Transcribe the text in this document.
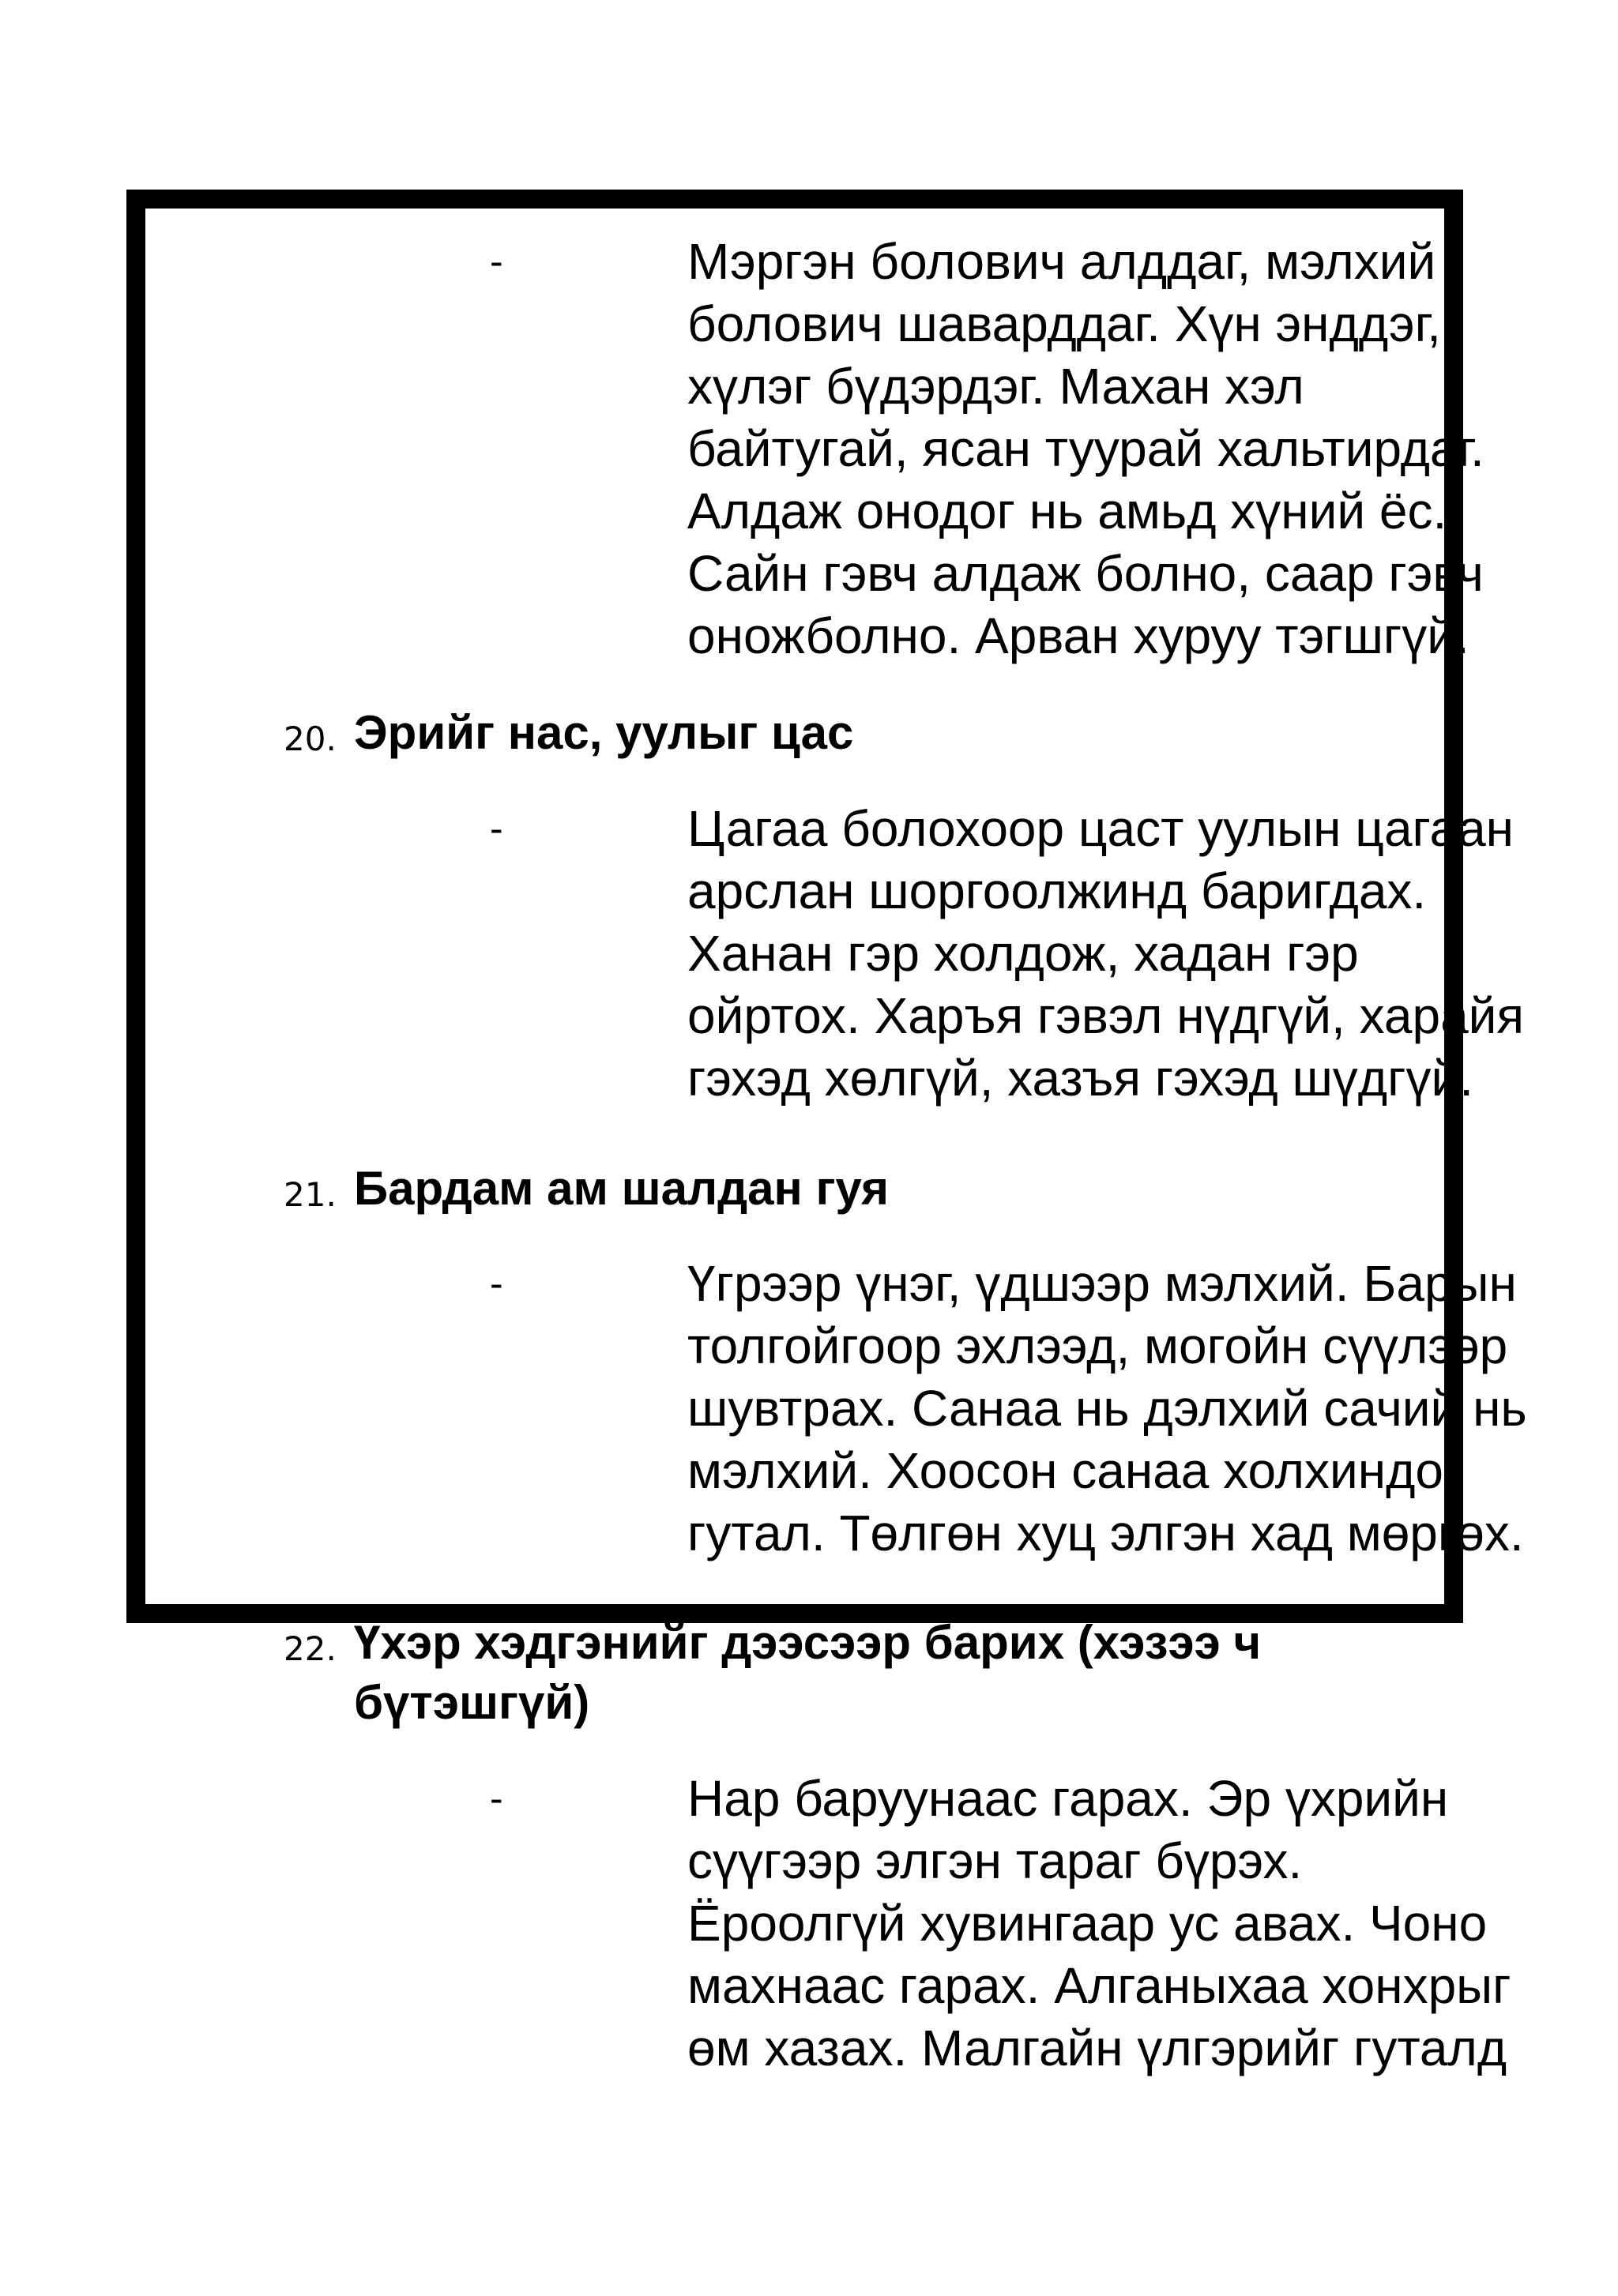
-	Мэргэн болович алддаг, мэлхий
болович шаварддаг. Хүн энддэг,
хүлэг бүдэрдэг. Махан хэл
байтугай, ясан туурай хальтирдаг.
Алдаж онодог нь амьд хүний ёс.
Сайн гэвч алдаж болно, саар гэвч
оножболно. Арван хуруу тэгшгүй.
20. Эрийг нас, уулыг цас
-	Цагаа болохоор цаст уулын цагаан
арслан шоргоолжинд баригдах.
Ханан гэр холдож, хадан гэр
ойртох. Харъя гэвэл нүдгүй, харайя
гэхэд хөлгүй, хазъя гэхэд шүдгүй.
21. Бардам ам шалдан гуя
-	Үгрээр үнэг, үдшээр мэлхий. Барын
толгойгоор эхлээд, могойн сүүлээр
шувтрах. Санаа нь дэлхий сачий нь
мэлхий. Хоосон санаа холхиндог
гутал. Төлгөн хуц элгэн хад мөргөх.
22. Үхэр хэдгэнийг дээсээр барих (хэзээ ч
бүтэшгүй)
-	Нар баруунаас гарах. Эр үхрийн
сүүгээр элгэн тараг бүрэх.
Ёроолгүй хувингаар ус авах. Чоно
махнаас гарах. Алганыхаа хонхрыг
өм хазах. Малгайн үлгэрийг гуталд
